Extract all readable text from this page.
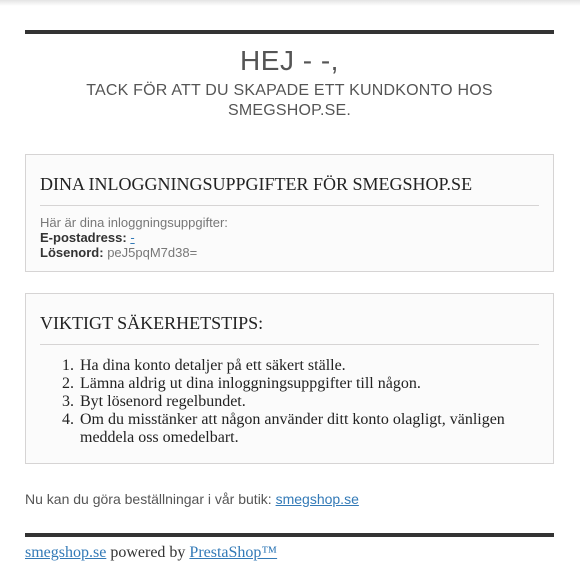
HEJ - -,
TACK FÖR ATT DU SKAPADE ETT KUNDKONTO HOS SMEGSHOP.SE.
DINA INLOGGNINGSUPPGIFTER FÖR SMEGSHOP.SE
Här är dina inloggningsuppgifter:
E-postadress: -
Lösenord: peJ5pqM7d38=
VIKTIGT SÄKERHETSTIPS:
1. Ha dina konto detaljer på ett säkert ställe.
2. Lämna aldrig ut dina inloggningsuppgifter till någon.
3. Byt lösenord regelbundet.
4. Om du misstänker att någon använder ditt konto olagligt, vänligen meddela oss omedelbart.
Nu kan du göra beställningar i vår butik: smegshop.se
smegshop.se powered by PrestaShop™
